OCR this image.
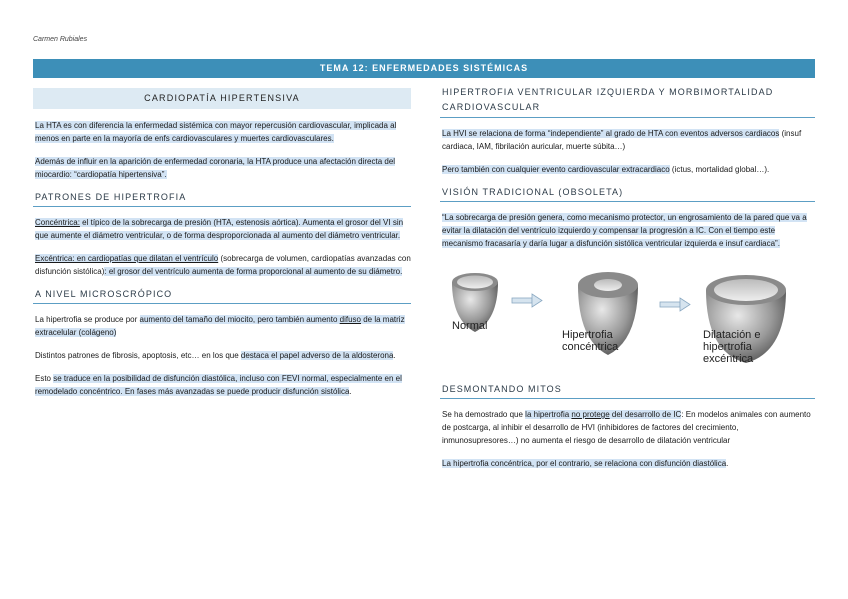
Carmen Rubiales
TEMA 12: ENFERMEDADES SISTÉMICAS
CARDIOPATÍA HIPERTENSIVA

La HTA es con diferencia la enfermedad sistémica con mayor repercusión cardiovascular, implicada al menos en parte en la mayoría de enfs cardiovasculares y muertes cardiovasculares.

Además de influir en la aparición de enfermedad coronaria, la HTA produce una afectación directa del miocardio: “cardiopatía hipertensiva”.

PATRONES DE HIPERTROFIA

Concéntrica: el típico de la sobrecarga de presión (HTA, estenosis aórtica). Aumenta el grosor del VI sin que aumente el diámetro ventricular, o de forma desproporcionada al aumento del diámetro ventricular.

Excéntrica: en cardiopatías que dilatan el ventrículo (sobrecarga de volumen, cardiopatías avanzadas con disfunción sistólica): el grosor del ventrículo aumenta de forma proporcional al aumento de su diámetro.

A NIVEL MICROSCRÓPICO

La hipertrofia se produce por aumento del tamaño del miocito, pero también aumento difuso de la matriz extracelular (colágeno)

Distintos patrones de fibrosis, apoptosis, etc… en los que destaca el papel adverso de la aldosterona.

Esto se traduce en la posibilidad de disfunción diastólica, incluso con FEVI normal, especialmente en el remodelado concéntrico. En fases más avanzadas se puede producir disfunción sistólica.

HIPERTROFIA VENTRICULAR IZQUIERDA Y MORBIMORTALIDAD CARDIOVASCULAR

La HVI se relaciona de forma “independiente” al grado de HTA con eventos adversos cardiacos (insuf cardiaca, IAM, fibrilación auricular, muerte súbita…)

Pero también con cualquier evento cardiovascular extracardiaco (ictus, mortalidad global…).

VISIÓN TRADICIONAL (OBSOLETA)

“La sobrecarga de presión genera, como mecanismo protector, un engrosamiento de la pared que va a evitar la dilatación del ventrículo izquierdo y compensar la progresión a IC. Con el tiempo este mecanismo fracasaría y daría lugar a disfunción sistólica ventricular izquierda e insuf cardiaca”.

Normal
Hipertrofia
concéntrica
Dilatación e
hipertrofia
excéntrica
DESMONTANDO MITOS

Se ha demostrado que la hipertrofia no protege del desarrollo de IC: En modelos animales con aumento de postcarga, al inhibir el desarrollo de HVI (inhibidores de factores del crecimiento, inmunosupresores…) no aumenta el riesgo de desarrollo de dilatación ventricular

La hipertrofia concéntrica, por el contrario, se relaciona con disfunción diastólica.
